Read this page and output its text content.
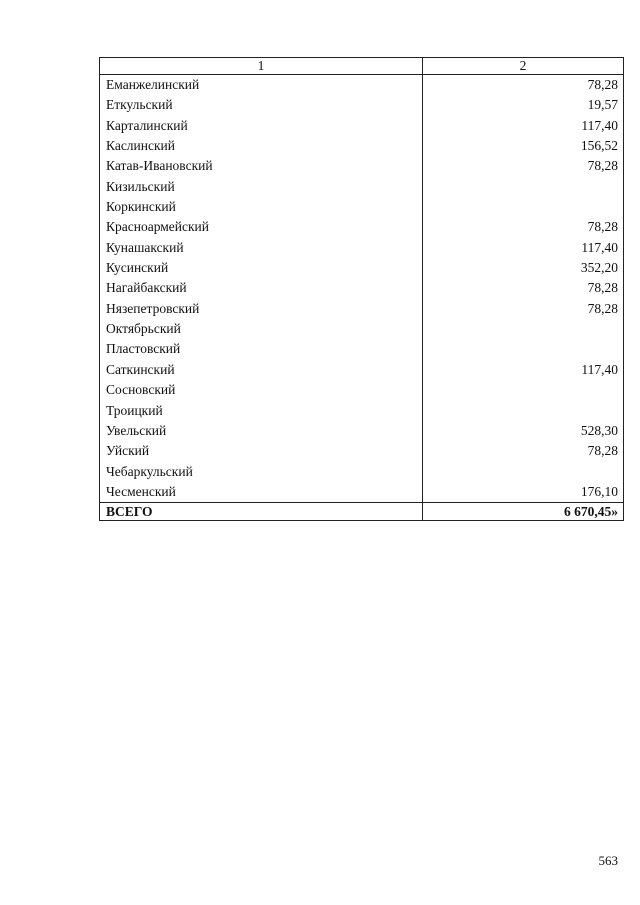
1	2
Еманжелинский	78,28
Еткульский	19,57
Карталинский	117,40
Каслинский	156,52
Катав-Ивановский	78,28
Кизильский	
Коркинский	
Красноармейский	78,28
Кунашакский	117,40
Кусинский	352,20
Нагайбакский	78,28
Нязепетровский	78,28
Октябрьский	
Пластовский	
Саткинский	117,40
Сосновский	
Троицкий	
Увельский	528,30
Уйский	78,28
Чебаркульский	
Чесменский	176,10
ВСЕГО	6 670,45»
563
